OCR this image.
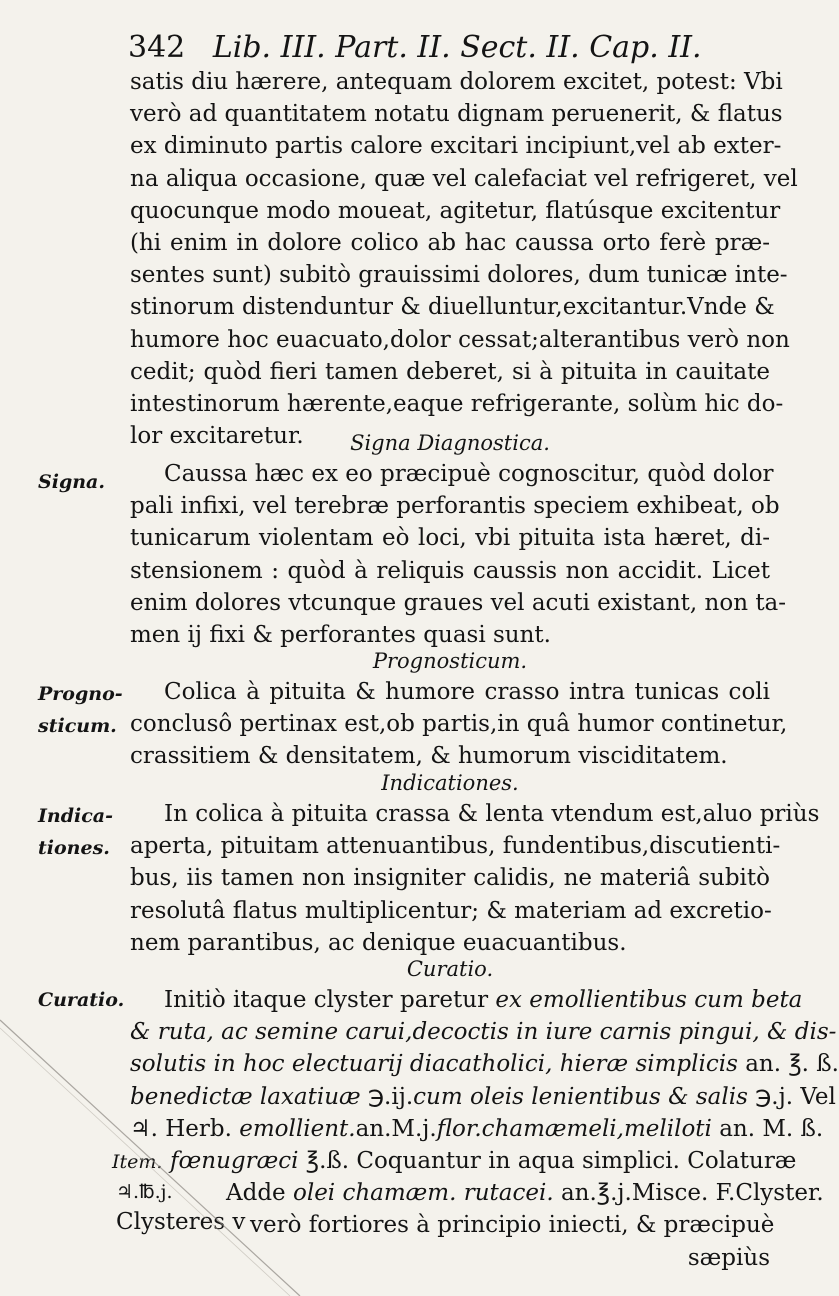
342 Lib. III. Part. II. Sect. II. Cap. II.
satis diu hærere, antequam dolorem excitet, potest: Vbi
verò ad quantitatem notatu dignam peruenerit, & flatus
ex diminuto partis calore excitari incipiunt,vel ab exter-
na aliqua occasione, quæ vel calefaciat vel refrigeret, vel
quocunque modo moueat, agitetur, flatúsque excitentur
(hi enim in dolore colico ab hac caussa orto ferè præ-
sentes sunt) subitò grauissimi dolores, dum tunicæ inte-
stinorum distenduntur & diuelluntur,excitantur.Vnde &
humore hoc euacuato,dolor cessat;alterantibus verò non
cedit; quòd fieri tamen deberet, si à pituita in cauitate
intestinorum hærente,eaque refrigerante, solùm hic do-
lor excitaretur.	Signa Diagnostica.
Caussa hæc ex eo præcipuè cognoscitur, quòd dolor
pali infixi, vel terebræ perforantis speciem exhibeat, ob
tunicarum violentam eò loci, vbi pituita ista hæret, di-
stensionem : quòd à reliquis caussis non accidit. Licet
enim dolores vtcunque graues vel acuti existant, non ta-
men ij fixi & perforantes quasi sunt.
Signa.
Prognosticum.
Colica à pituita & humore crasso intra tunicas coli
conclusô pertinax est,ob partis,in quâ humor continetur,
crassitiem & densitatem, & humorum visciditatem.
Progno-
sticum.
Indicationes.
In colica à pituita crassa & lenta vtendum est,aluo priùs
aperta, pituitam attenuantibus, fundentibus,discutienti-
bus, iis tamen non insigniter calidis, ne materiâ subitò
resolutâ flatus multiplicentur; & materiam ad excretio-
nem parantibus, ac denique euacuantibus.
Indica-
tiones.
Curatio.
Initiò itaque clyster paretur ex emollientibus cum beta
& ruta, ac semine carui,decoctis in iure carnis pingui, & dis-
solutis in hoc electuarij diacatholici, hieræ simplicis an. ℥. ß.
benedictæ laxatiuæ ℈.ij.cum oleis lenientibus & salis ℈.j. Vel
♃. Herb. emollient.an.M.j.flor.chamæmeli,meliloti an. M. ß.
fœnugræci ℥.ß. Coquantur in aqua simplici. Colaturæ
Adde olei chamæm. rutacei. an.℥.j.Misce. F.Clyster.
verò fortiores à principio iniecti, & præcipuè
sæpiùs
Curatio.
Item.
♃.℔.j.
Clysteres v
